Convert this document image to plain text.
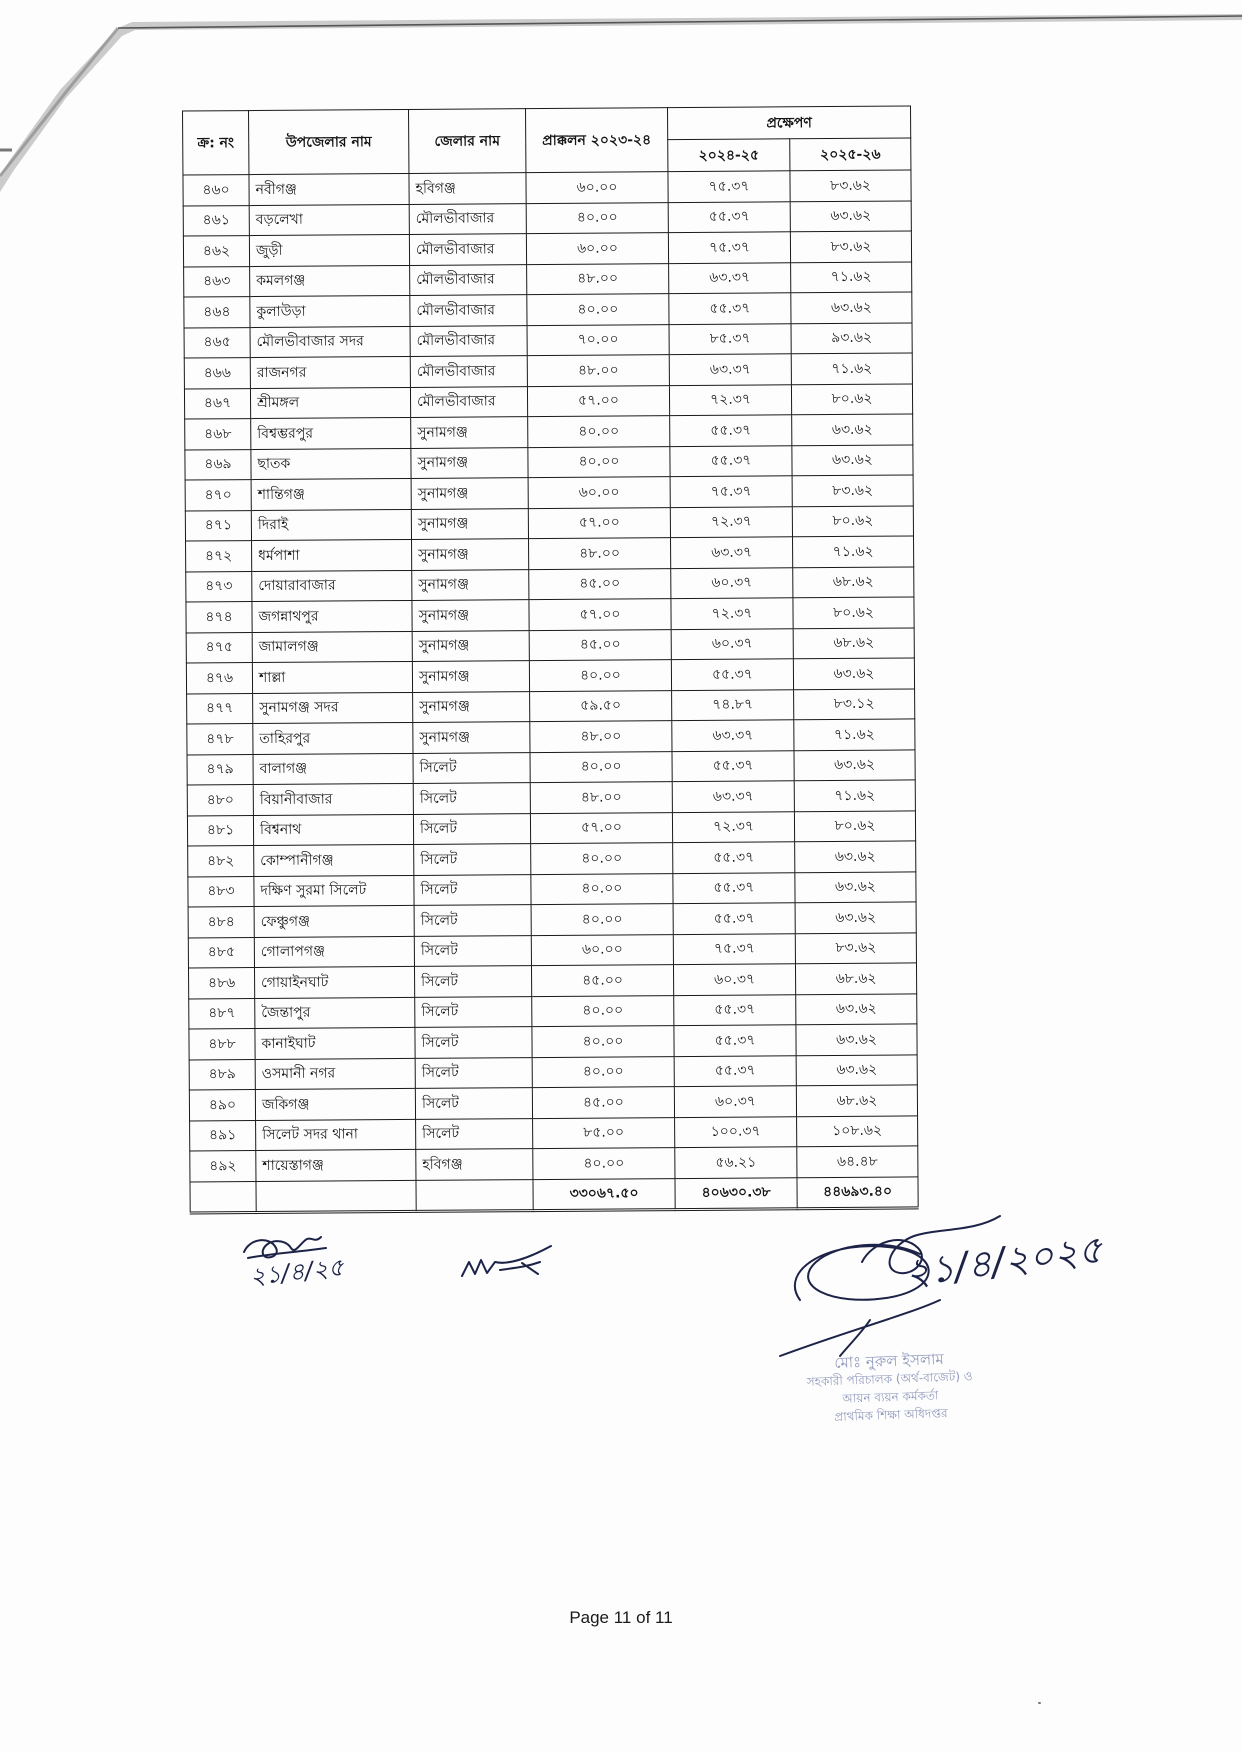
ক্র: নং	উপজেলার নাম	জেলার নাম	প্রাক্কলন ২০২৩-২৪	প্রক্ষেপণ	
				২০২৪-২৫	২০২৫-২৬
৪৬০	নবীগঞ্জ	হবিগঞ্জ	৬০.০০	৭৫.৩৭	৮৩.৬২
৪৬১	বড়লেখা	মৌলভীবাজার	৪০.০০	৫৫.৩৭	৬৩.৬২
৪৬২	জুড়ী	মৌলভীবাজার	৬০.০০	৭৫.৩৭	৮৩.৬২
৪৬৩	কমলগঞ্জ	মৌলভীবাজার	৪৮.০০	৬৩.৩৭	৭১.৬২
৪৬৪	কুলাউড়া	মৌলভীবাজার	৪০.০০	৫৫.৩৭	৬৩.৬২
৪৬৫	মৌলভীবাজার সদর	মৌলভীবাজার	৭০.০০	৮৫.৩৭	৯৩.৬২
৪৬৬	রাজনগর	মৌলভীবাজার	৪৮.০০	৬৩.৩৭	৭১.৬২
৪৬৭	শ্রীমঙ্গল	মৌলভীবাজার	৫৭.০০	৭২.৩৭	৮০.৬২
৪৬৮	বিশ্বম্ভরপুর	সুনামগঞ্জ	৪০.০০	৫৫.৩৭	৬৩.৬২
৪৬৯	ছাতক	সুনামগঞ্জ	৪০.০০	৫৫.৩৭	৬৩.৬২
৪৭০	শান্তিগঞ্জ	সুনামগঞ্জ	৬০.০০	৭৫.৩৭	৮৩.৬২
৪৭১	দিরাই	সুনামগঞ্জ	৫৭.০০	৭২.৩৭	৮০.৬২
৪৭২	ধর্মপাশা	সুনামগঞ্জ	৪৮.০০	৬৩.৩৭	৭১.৬২
৪৭৩	দোয়ারাবাজার	সুনামগঞ্জ	৪৫.০০	৬০.৩৭	৬৮.৬২
৪৭৪	জগন্নাথপুর	সুনামগঞ্জ	৫৭.০০	৭২.৩৭	৮০.৬২
৪৭৫	জামালগঞ্জ	সুনামগঞ্জ	৪৫.০০	৬০.৩৭	৬৮.৬২
৪৭৬	শাল্লা	সুনামগঞ্জ	৪০.০০	৫৫.৩৭	৬৩.৬২
৪৭৭	সুনামগঞ্জ সদর	সুনামগঞ্জ	৫৯.৫০	৭৪.৮৭	৮৩.১২
৪৭৮	তাহিরপুর	সুনামগঞ্জ	৪৮.০০	৬৩.৩৭	৭১.৬২
৪৭৯	বালাগঞ্জ	সিলেট	৪০.০০	৫৫.৩৭	৬৩.৬২
৪৮০	বিয়ানীবাজার	সিলেট	৪৮.০০	৬৩.৩৭	৭১.৬২
৪৮১	বিশ্বনাথ	সিলেট	৫৭.০০	৭২.৩৭	৮০.৬২
৪৮২	কোম্পানীগঞ্জ	সিলেট	৪০.০০	৫৫.৩৭	৬৩.৬২
৪৮৩	দক্ষিণ সুরমা সিলেট	সিলেট	৪০.০০	৫৫.৩৭	৬৩.৬২
৪৮৪	ফেঞ্চুগঞ্জ	সিলেট	৪০.০০	৫৫.৩৭	৬৩.৬২
৪৮৫	গোলাপগঞ্জ	সিলেট	৬০.০০	৭৫.৩৭	৮৩.৬২
৪৮৬	গোয়াইনঘাট	সিলেট	৪৫.০০	৬০.৩৭	৬৮.৬২
৪৮৭	জৈন্তাপুর	সিলেট	৪০.০০	৫৫.৩৭	৬৩.৬২
৪৮৮	কানাইঘাট	সিলেট	৪০.০০	৫৫.৩৭	৬৩.৬২
৪৮৯	ওসমানী নগর	সিলেট	৪০.০০	৫৫.৩৭	৬৩.৬২
৪৯০	জকিগঞ্জ	সিলেট	৪৫.০০	৬০.৩৭	৬৮.৬২
৪৯১	সিলেট সদর থানা	সিলেট	৮৫.০০	১০০.৩৭	১০৮.৬২
৪৯২	শায়েস্তাগঞ্জ	হবিগঞ্জ	৪০.০০	৫৬.২১	৬৪.৪৮
			৩৩০৬৭.৫০	৪০৬৩০.৩৮	৪৪৬৯৩.৪০
২১/৪/২৫	২১/৪/২০২৫
মোঃ নুরুল ইসলাম
সহকারী পরিচালক (অর্থ-বাজেট) ও
আয়ন ব্যয়ন কর্মকর্তা
প্রাথমিক শিক্ষা অধিদপ্তর
Page 11 of 11
